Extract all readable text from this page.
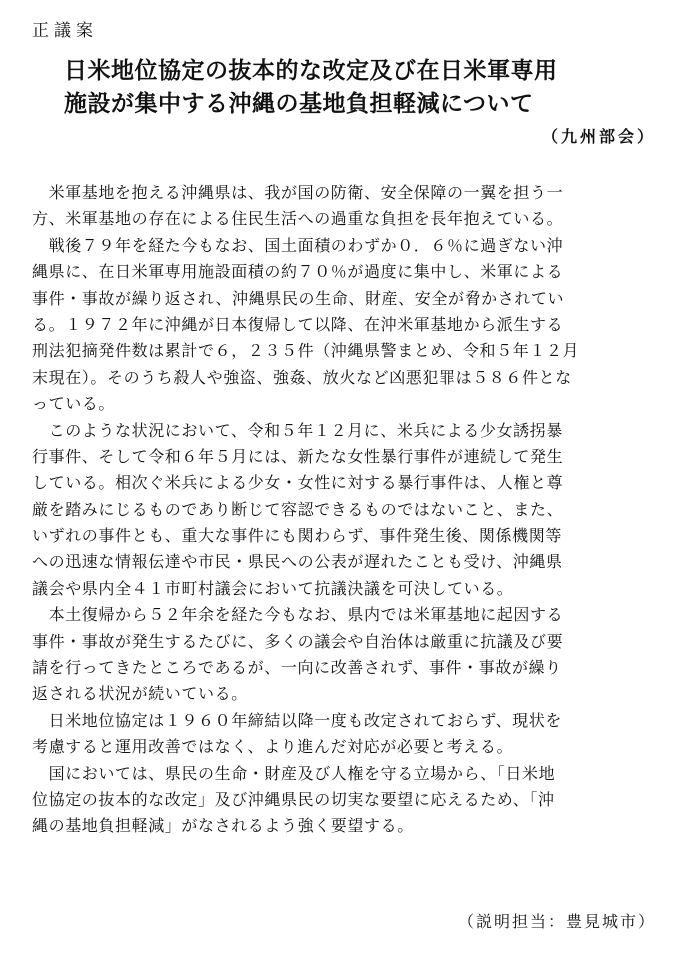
正議案
日米地位協定の抜本的な改定及び在日米軍専用
施設が集中する沖縄の基地負担軽減について
（九州部会）
　米軍基地を抱える沖縄県は、我が国の防衛、安全保障の一翼を担う一
方、米軍基地の存在による住民生活への過重な負担を長年抱えている。
　戦後７９年を経た今もなお、国土面積のわずか０．６％に過ぎない沖
縄県に、在日米軍専用施設面積の約７０％が過度に集中し、米軍による
事件・事故が繰り返され、沖縄県民の生命、財産、安全が脅かされてい
る。１９７２年に沖縄が日本復帰して以降、在沖米軍基地から派生する
刑法犯摘発件数は累計で６，２３５件（沖縄県警まとめ、令和５年１２月
末現在）。そのうち殺人や強盗、強姦、放火など凶悪犯罪は５８６件とな
っている。
　このような状況において、令和５年１２月に、米兵による少女誘拐暴
行事件、そして令和６年５月には、新たな女性暴行事件が連続して発生
している。相次ぐ米兵による少女・女性に対する暴行事件は、人権と尊
厳を踏みにじるものであり断じて容認できるものではないこと、また、
いずれの事件とも、重大な事件にも関わらず、事件発生後、関係機関等
への迅速な情報伝達や市民・県民への公表が遅れたことも受け、沖縄県
議会や県内全４１市町村議会において抗議決議を可決している。
　本土復帰から５２年余を経た今もなお、県内では米軍基地に起因する
事件・事故が発生するたびに、多くの議会や自治体は厳重に抗議及び要
請を行ってきたところであるが、一向に改善されず、事件・事故が繰り
返される状況が続いている。
　日米地位協定は１９６０年締結以降一度も改定されておらず、現状を
考慮すると運用改善ではなく、より進んだ対応が必要と考える。
　国においては、県民の生命・財産及び人権を守る立場から、「日米地
位協定の抜本的な改定」及び沖縄県民の切実な要望に応えるため、「沖
縄の基地負担軽減」がなされるよう強く要望する。
（説明担当：豊見城市）
